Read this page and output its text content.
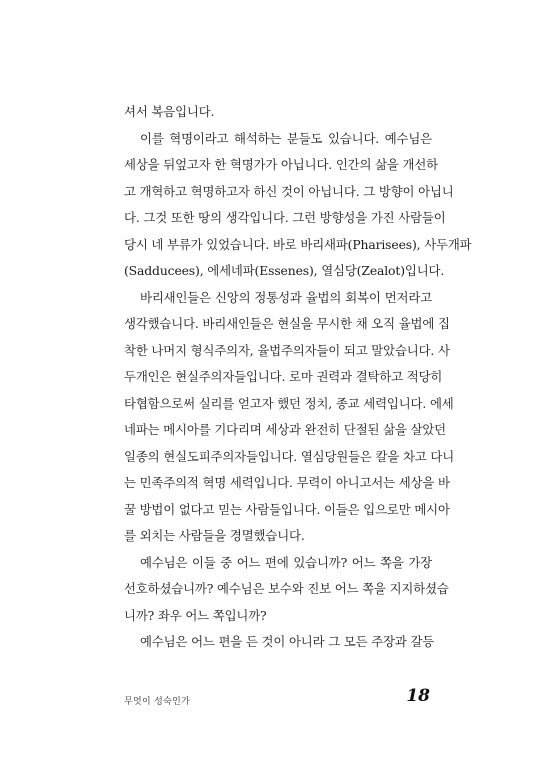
셔서 복음입니다.
이를 혁명이라고 해석하는 분들도 있습니다. 예수님은
세상을 뒤엎고자 한 혁명가가 아닙니다. 인간의 삶을 개선하
고 개혁하고 혁명하고자 하신 것이 아닙니다. 그 방향이 아닙니
다. 그것 또한 땅의 생각입니다. 그런 방향성을 가진 사람들이
당시 네 부류가 있었습니다. 바로 바리새파(Pharisees), 사두개파
(Sadducees), 에세네파(Essenes), 열심당(Zealot)입니다.
바리새인들은 신앙의 정통성과 율법의 회복이 먼저라고
생각했습니다. 바리새인들은 현실을 무시한 채 오직 율법에 집
착한 나머지 형식주의자, 율법주의자들이 되고 말았습니다. 사
두개인은 현실주의자들입니다. 로마 권력과 결탁하고 적당히
타협함으로써 실리를 얻고자 했던 정치, 종교 세력입니다. 에세
네파는 메시아를 기다리며 세상과 완전히 단절된 삶을 살았던
일종의 현실도피주의자들입니다. 열심당원들은 칼을 차고 다니
는 민족주의적 혁명 세력입니다. 무력이 아니고서는 세상을 바
꿀 방법이 없다고 믿는 사람들입니다. 이들은 입으로만 메시아
를 외치는 사람들을 경멸했습니다.
예수님은 이들 중 어느 편에 있습니까? 어느 쪽을 가장
선호하셨습니까? 예수님은 보수와 진보 어느 쪽을 지지하셨습
니까? 좌우 어느 쪽입니까?
예수님은 어느 편을 든 것이 아니라 그 모든 주장과 갈등
무엇이 성숙인가	18
